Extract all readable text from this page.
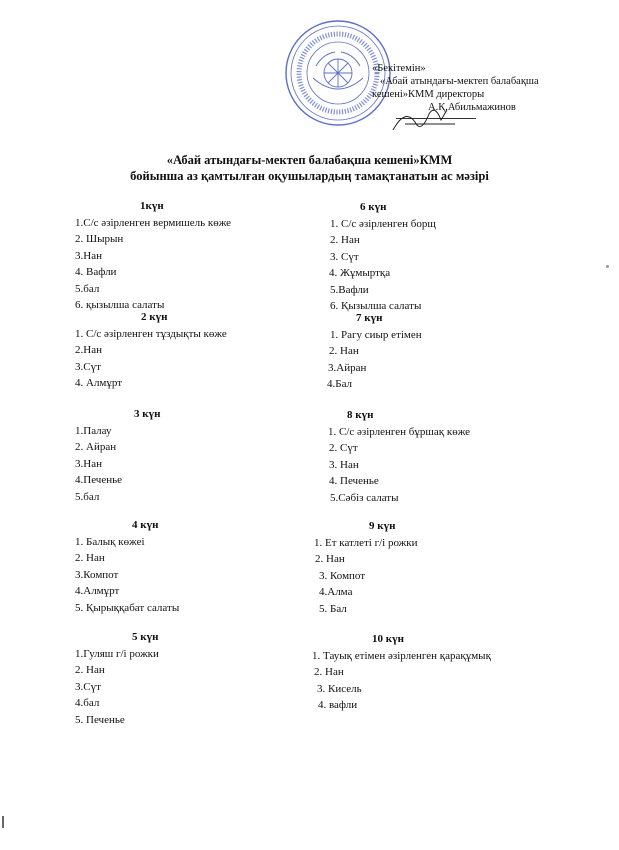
«Бекітемін»
«Абай атындағы-мектеп балабақша
кешені»КММ директоры
А.Қ.Абильмажинов
«Абай атындағы-мектеп балабақша кешені»КММ
бойынша аз қамтылған оқушылардың тамақтанатын ас мәзірі
1күн
1.С/с әзірленген вермишель көже
2. Шырын
3.Нан
4. Вафли
5.бал
6. қызылша салаты
2 күн
1. С/с әзірленген тұздықты көже
2.Нан
3.Сүт
4. Алмұрт
3 күн
1.Палау
2. Айран
3.Нан
4.Печенье
5.бал
4 күн
1. Балық көжеі
2. Нан
3.Компот
4.Алмұрт
5. Қырыққабат салаты
5 күн
1.Гуляш г/і рожки
2. Нан
3.Сүт
4.бал
5. Печенье
6 күн
1. С/с әзірленген борщ
2. Нан
3. Сүт
4. Жұмыртқа
5.Вафли
6. Қызылша салаты
7 күн
1. Рагу сиыр етімен
2. Нан
3.Айран
4.Бал
8 күн
1. С/с әзірленген бұршақ көже
2. Сүт
3. Нан
4. Печенье
5.Сәбіз салаты
9 күн
1. Ет катлеті г/і рожки
2. Нан
3. Компот
4.Алма
5. Бал
10 күн
1. Тауық етімен әзірленген қарақұмық
2. Нан
3. Кисель
4. вафли
